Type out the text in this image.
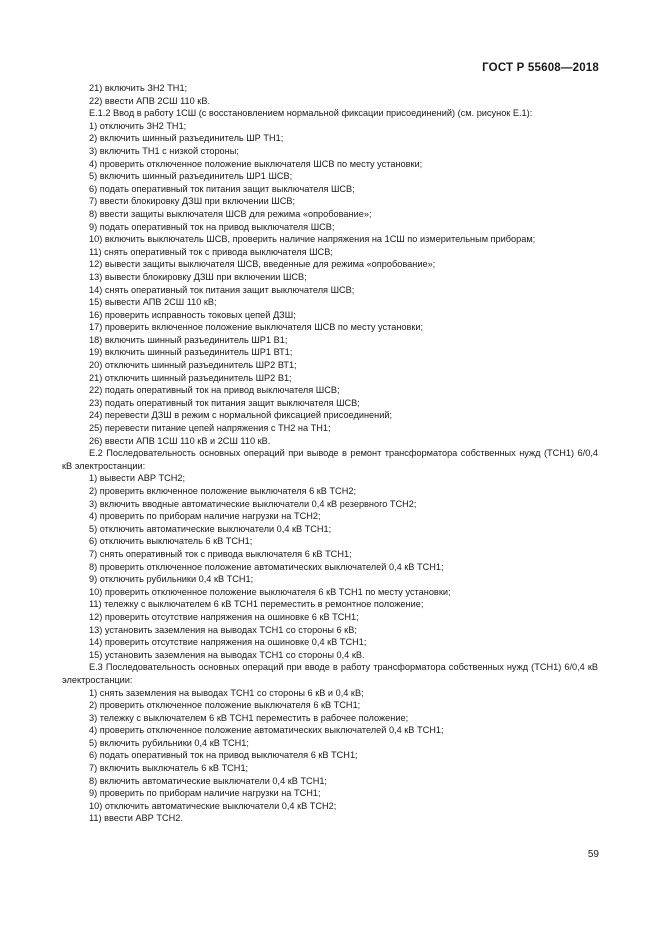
ГОСТ Р 55608—2018
21) включить ЗН2 ТН1;
22) ввести АПВ 2СШ 110 кВ.
Е.1.2 Ввод в работу 1СШ (с восстановлением нормальной фиксации присоединений) (см. рисунок Е.1):
1) отключить ЗН2 ТН1;
2) включить шинный разъединитель ШР ТН1;
3) включить ТН1 с низкой стороны;
4) проверить отключенное положение выключателя ШСВ по месту установки;
5) включить шинный разъединитель ШР1 ШСВ;
6) подать оперативный ток питания защит выключателя ШСВ;
7) ввести блокировку ДЗШ при включении ШСВ;
8) ввести защиты выключателя ШСВ для режима «опробование»;
9) подать оперативный ток на привод выключателя ШСВ;
10) включить выключатель ШСВ, проверить наличие напряжения на 1СШ по измерительным приборам;
11) снять оперативный ток с привода выключателя ШСВ;
12) вывести защиты выключателя ШСВ, введенные для режима «опробование»;
13) вывести блокировку ДЗШ при включении ШСВ;
14) снять оперативный ток питания защит выключателя ШСВ;
15) вывести АПВ 2СШ 110 кВ;
16) проверить исправность токовых цепей ДЗШ;
17) проверить включенное положение выключателя ШСВ по месту установки;
18) включить шинный разъединитель ШР1 В1;
19) включить шинный разъединитель ШР1 ВТ1;
20) отключить шинный разъединитель ШР2 ВТ1;
21) отключить шинный разъединитель ШР2 В1;
22) подать оперативный ток на привод выключателя ШСВ;
23) подать оперативный ток питания защит выключателя ШСВ;
24) перевести ДЗШ в режим с нормальной фиксацией присоединений;
25) перевести питание цепей напряжения с ТН2 на ТН1;
26) ввести АПВ 1СШ 110 кВ и 2СШ 110 кВ.
Е.2 Последовательность основных операций при выводе в ремонт трансформатора собственных нужд (ТСН1) 6/0,4 кВ электростанции:
1) вывести АВР ТСН2;
2) проверить включенное положение выключателя 6 кВ ТСН2;
3) включить вводные автоматические выключатели 0,4 кВ резервного ТСН2;
4) проверить по приборам наличие нагрузки на ТСН2;
5) отключить автоматические выключатели 0,4 кВ ТСН1;
6) отключить выключатель 6 кВ ТСН1;
7) снять оперативный ток с привода выключателя 6 кВ ТСН1;
8) проверить отключенное положение автоматических выключателей 0,4 кВ ТСН1;
9) отключить рубильники 0,4 кВ ТСН1;
10) проверить отключенное положение выключателя 6 кВ ТСН1 по месту установки;
11) тележку с выключателем 6 кВ ТСН1 переместить в ремонтное положение;
12) проверить отсутствие напряжения на ошиновке 6 кВ ТСН1;
13) установить заземления на выводах ТСН1 со стороны 6 кВ;
14) проверить отсутствие напряжения на ошиновке 0,4 кВ ТСН1;
15) установить заземления на выводах ТСН1 со стороны 0,4 кВ.
Е.3 Последовательность основных операций при вводе в работу трансформатора собственных нужд (ТСН1) 6/0,4 кВ электростанции:
1) снять заземления на выводах ТСН1 со стороны 6 кВ и 0,4 кВ;
2) проверить отключенное положение выключателя 6 кВ ТСН1;
3) тележку с выключателем 6 кВ ТСН1 переместить в рабочее положение;
4) проверить отключенное положение автоматических выключателей 0,4 кВ ТСН1;
5) включить рубильники 0,4 кВ ТСН1;
6) подать оперативный ток на привод выключателя 6 кВ ТСН1;
7) включить выключатель 6 кВ ТСН1;
8) включить автоматические выключатели 0,4 кВ ТСН1;
9) проверить по приборам наличие нагрузки на ТСН1;
10) отключить автоматические выключатели 0,4 кВ ТСН2;
11) ввести АВР ТСН2.
59
